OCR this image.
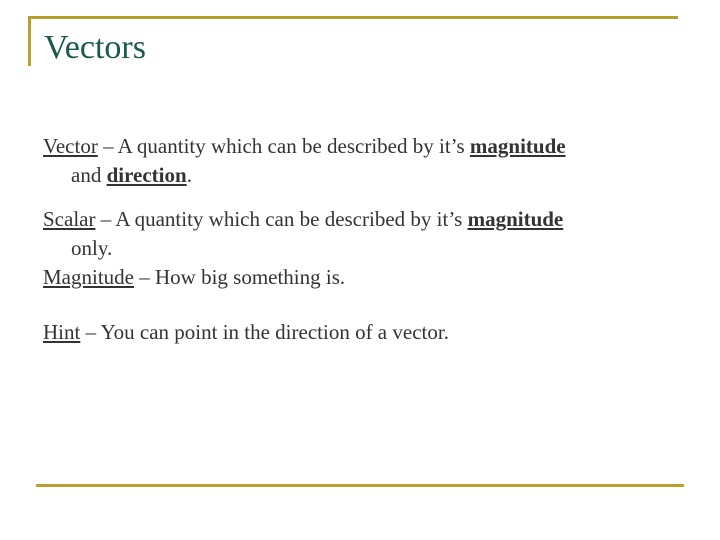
Vectors
Vector – A quantity which can be described by it’s magnitude
and direction.
Scalar – A quantity which can be described by it’s magnitude
only.
Magnitude – How big something is.
Hint – You can point in the direction of a vector.
